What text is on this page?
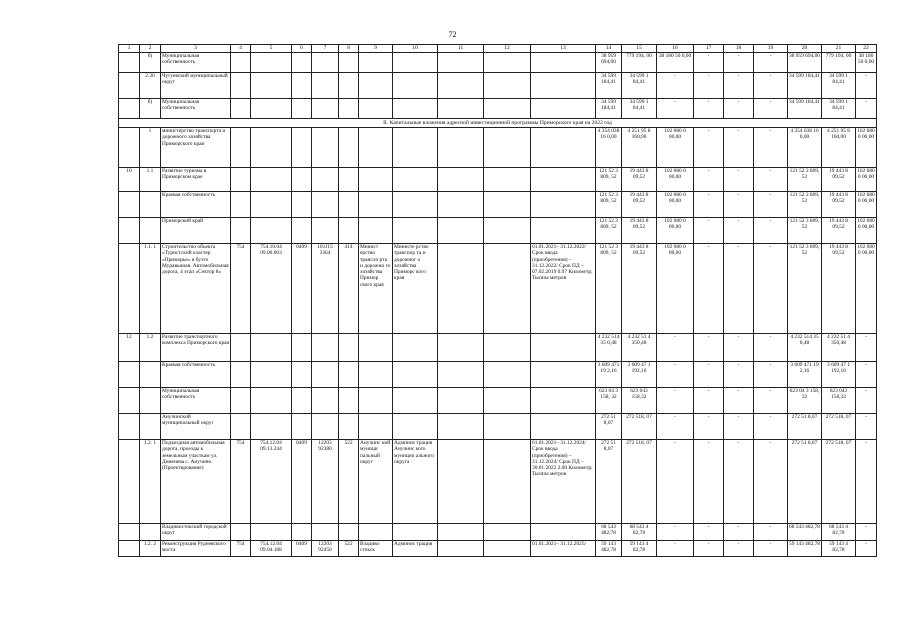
72
1	2	3	4	5	6	7	8	9	10	11	12	13	14	15	16	17	18	19	20	21	22
	б)	Муниципальная собственность											38 959 694,00	779 194, 00	38 180 50 0,00	-	-	-	38 959 694,00	779 194, 00	38 180 50 0,00
	2.30	Чугуевский муниципальный округ											34 599 184,41	34 599 1 84,41	-	-	-	-	34 599 184,41	34 599 1 84,41	-
	б)	Муниципальная собственность											34 599 184,41	34 599 1 84,41	-	-	-	-	34 599 184,41	34 599 1 84,41	-
II. Капитальные вложения адресной инвестиционной программы Приморского края на 2022 год																					
	1	министерство транспорта и дорожного хозяйства Приморского края											4 354 038 16 0,00	4 251 95 8 160,00	102 080 0 00,00	-	-	-	4 354 038 16 0,00	4 251 95 8 160,00	102 080 0 00,00
10	1.1	Развитие туризма в Приморском крае											121 52 3 809, 52	19 443 8 09,52	102 080 0 00,00	-	-	-	121 52 3 809, 52	19 443 8 09,52	102 080 0 00,00
		Краевая собственность											121 52 3 809, 52	19 443 8 09,52	102 080 0 00,00	-	-	-	121 52 3 809, 52	19 443 8 09,52	102 080 0 00,00
		Приморский край											121 52 3 809, 52	19 443 8 09,52	102 080 0 00,00	-	-	-	121 52 3 809, 52	19 443 8 09,52	102 080 0 00,00
	1.1. 1	Строительство объекта «Туристский кластер «Приморье» в бухте Муравьиная. Автомобильная дорога, 4 этап «Сектор 8»	754	754.10.04 09.00.003	0409	101J15 3364	414	Минист ерство трансло рта и дорожно го хозяйства Примор ского края	Министе рство транспор та и дорожног о хозяйства Приморс кого края			01.01.2021– 31.12.2022/ Срок ввода (приобретения) – 31.12.2022/ Срок ПД – 07.02.2019 0.97 Километр; Тысяча метров	121 52 3 809, 52	19 443 8 09,52	102 080 0 00,00	-	-	-	121 52 3 809, 52	19 443 8 09,52	102 080 0 00,00
12	1.2	Развитие транспортного комплекса Приморского края											4 232 514 35 0,48	4 232 51 4 350,48	-	-	-	-	4 232 514 35 0,48	4 232 51 4 350,48	-
		Краевая собственность											3 609 471 19 2,16	3 609 47 1 192,16	-	-	-	-	3 609 471 19 2,16	3 609 47 1 192,16	-
		Муниципальная собственность											623 04 3 158, 32	623 043 158,32	-	-	-	-	623 04 3 158, 32	623 043 158,32	-
		Анучинский муниципальный округ											272 51 8,07	272 518, 07	-	-	-	-	272 51 8,07	272 518, 07	-
	1.2. 1	Подъездная автомобильная дорога, проезды к земельным участкам ул. Деменева с. Анучино. (Проектирование)	754	754.12.04 09.13.244	0409	12203 92380	522	Анучинс кий муници пальный округ	Админис трация Анучинс кого муницип ального округа			01.01.2021– 31.12.2024/ Срок ввода (приобретения) – 31.12.2024/ Срок ПД – 30.01.2022 2.00 Километр; Тысяча метров	272 51 8,07	272 518, 07	-	-	-	-	272 51 8,07	272 518, 07	-
		Владивостокский городской округ											68 543 482,78	68 543 4 82,78	-	-	-	-	68 543 482,78	68 543 4 82,78	-
	1.2. 2	Реконструкция Рудневского моста	754	754.12.04 09.04.188	0409	12203 92450	522	Владиво стокск	Админис трация			01.01.2021– 31.12.2025/	59 143 482,78	59 143 4 82,78	-	-	-	-	59 143 482,78	59 143 4 82,78	-
